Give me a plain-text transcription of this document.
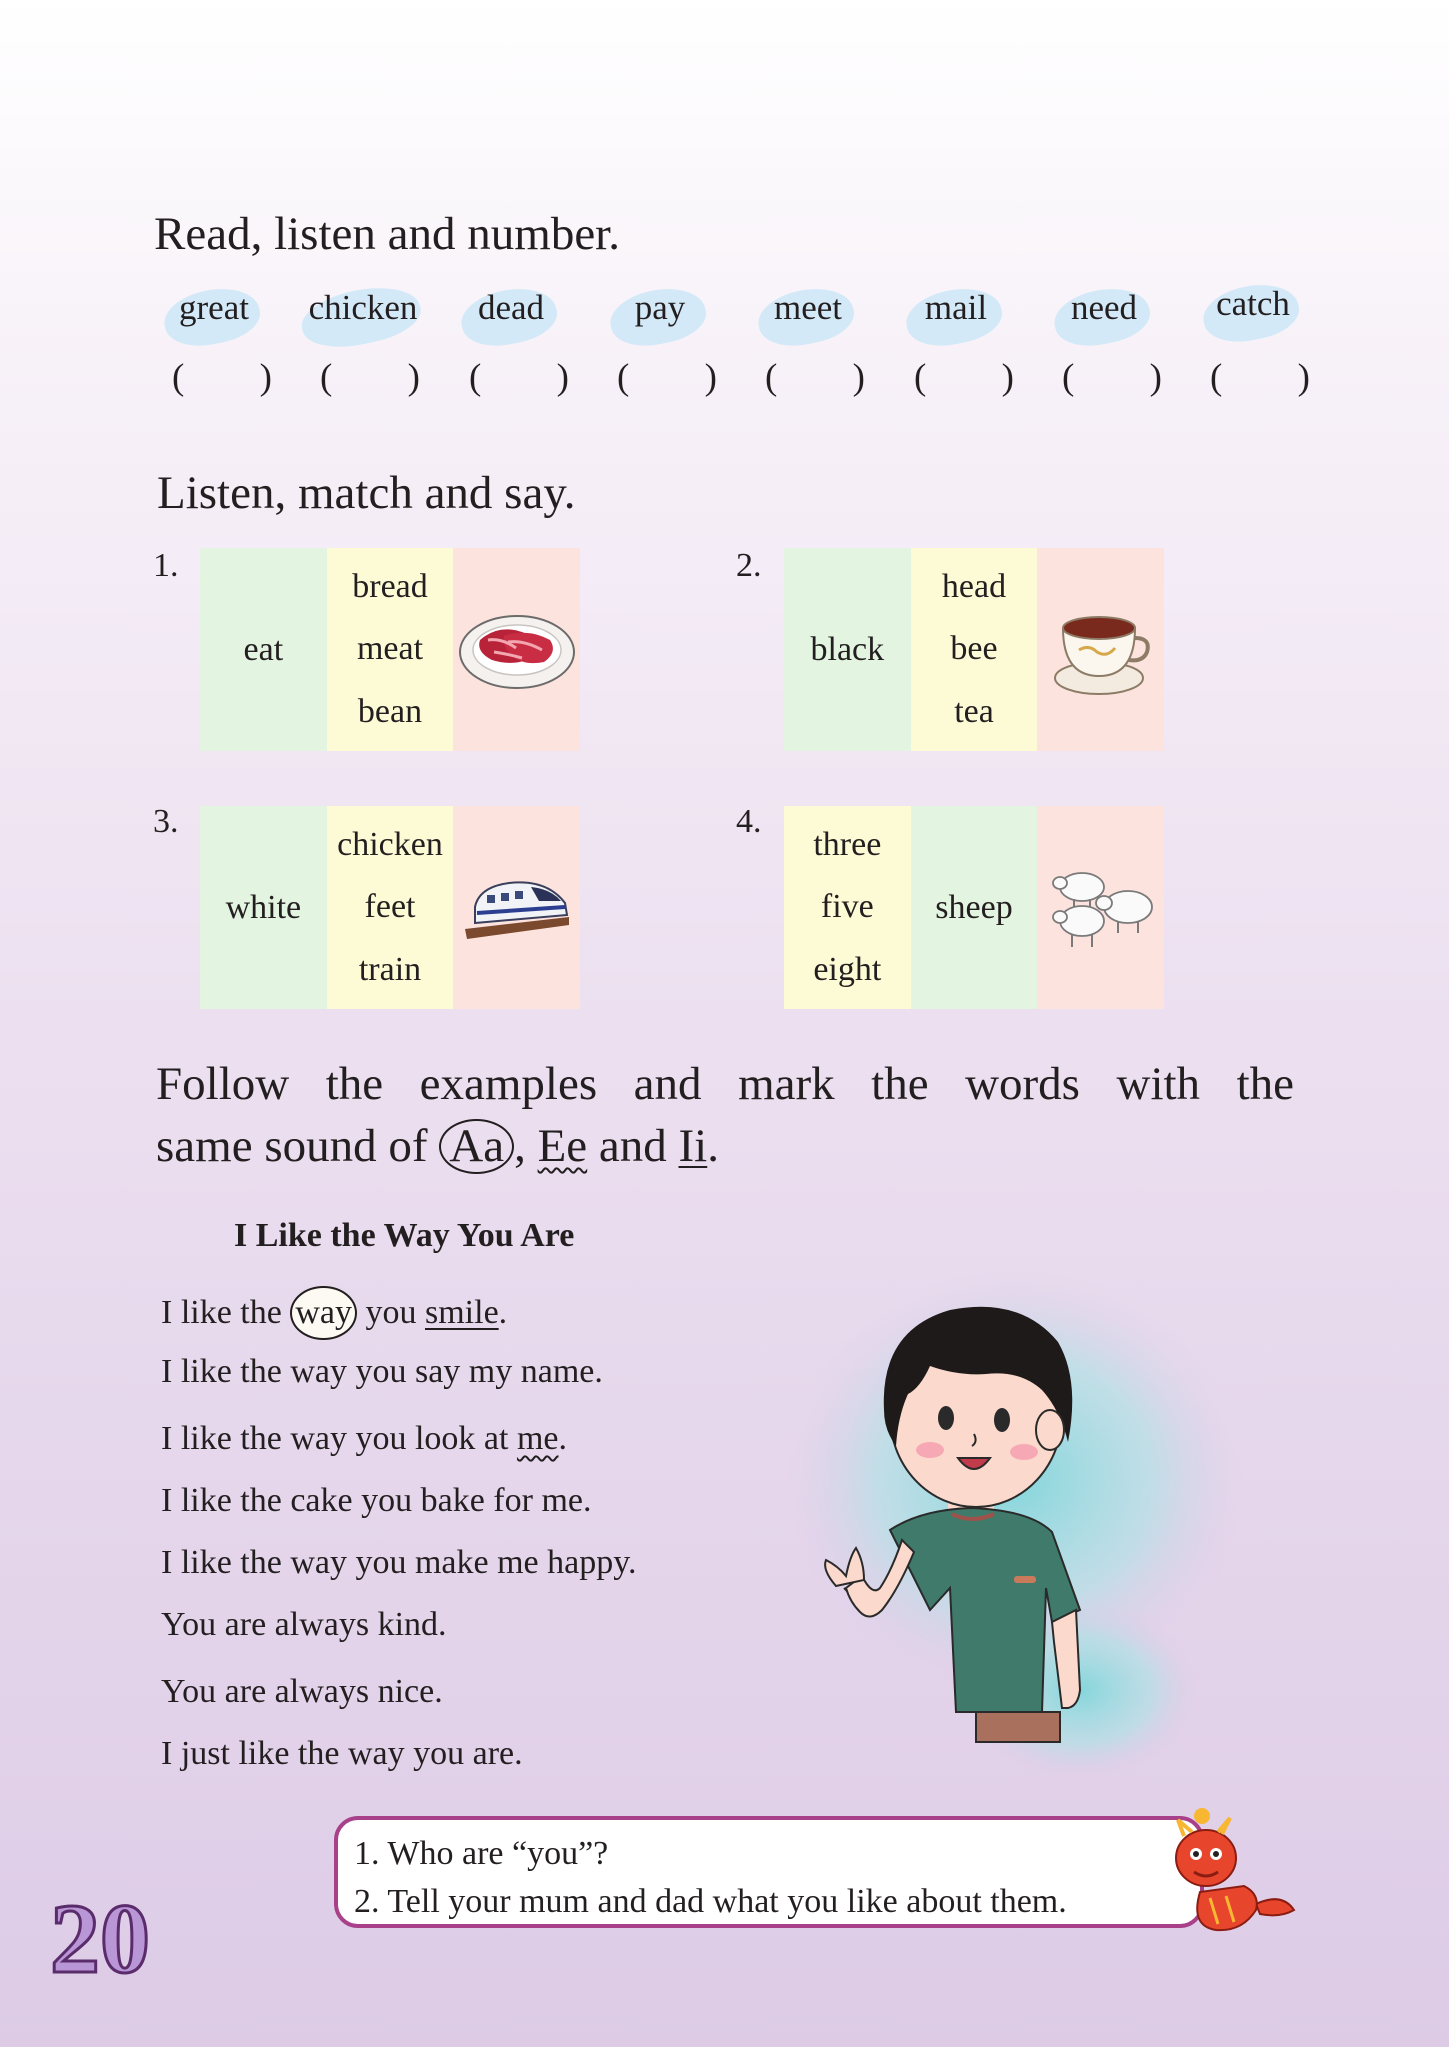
Read, listen and number.
great	chicken	dead	pay	meet	mail	need	catch
( ) ( ) ( ) ( ) ( ) ( ) ( ) ( )
Listen, match and say.
1.
eat
bread
meat
bean
2.
black
head
bee
tea
3.
white
chicken
feet
train
4.
three
five
eight
sheep
Follow the examples and mark the words with the
same sound of Aa , Ee and Ii.
I Like the Way You Are
I like the way you smile.
I like the way you say my name.
I like the way you look at me.
I like the cake you bake for me.
I like the way you make me happy.
You are always kind.
You are always nice.
I just like the way you are.
1. Who are “you”?
2. Tell your mum and dad what you like about them.
20
